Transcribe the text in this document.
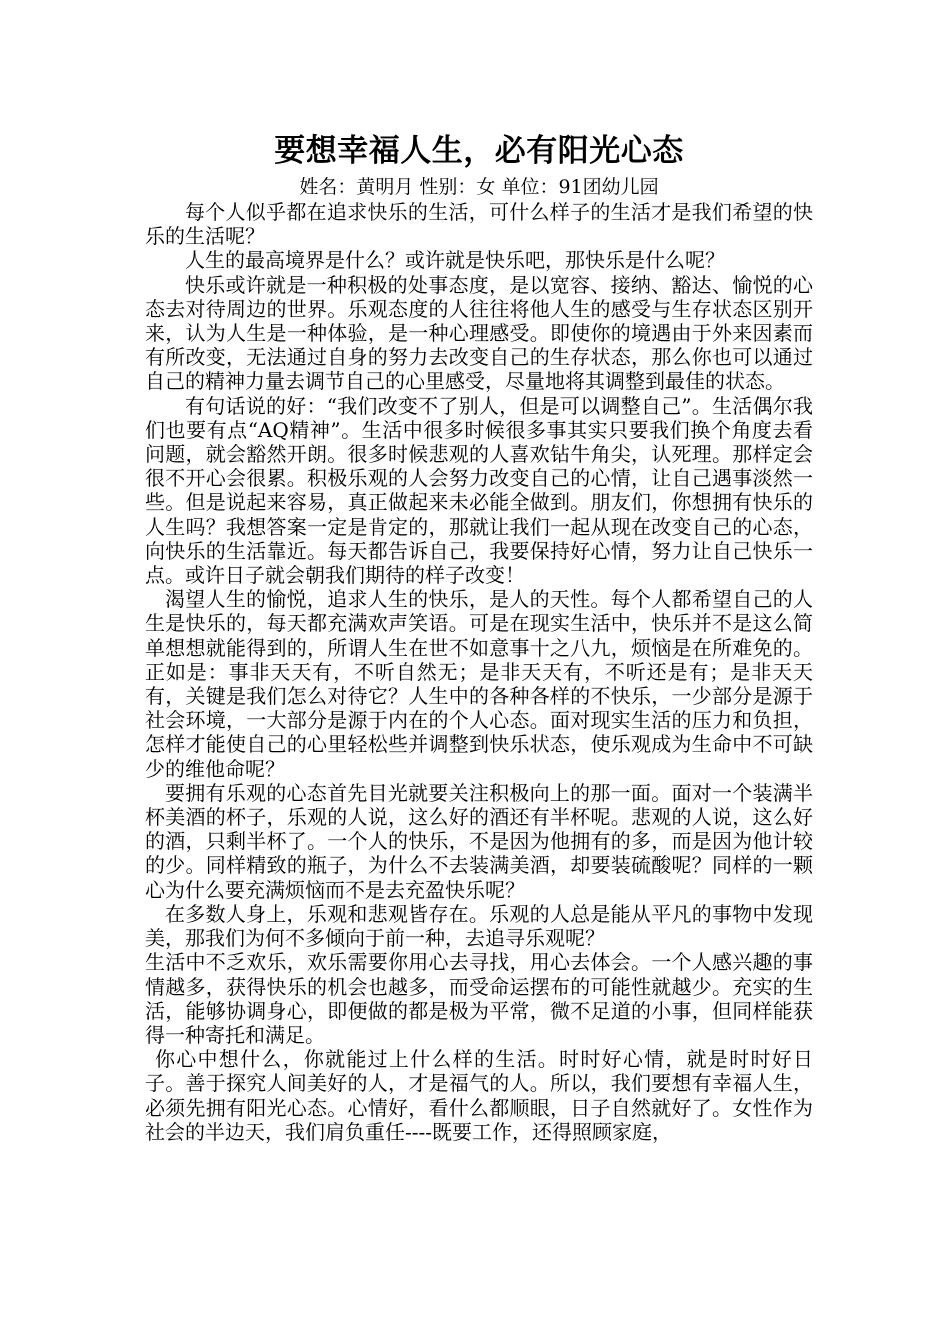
要想幸福人生，必有阳光心态

姓名：黄明月 性别：女 单位：91团幼儿园

每个人似乎都在追求快乐的生活，可什么样子的生活才是我们希望的快乐的生活呢？

人生的最高境界是什么？或许就是快乐吧，那快乐是什么呢？

快乐或许就是一种积极的处事态度，是以宽容、接纳、豁达、愉悦的心态去对待周边的世界。乐观态度的人往往将他人生的感受与生存状态区别开来，认为人生是一种体验，是一种心理感受。即使你的境遇由于外来因素而有所改变，无法通过自身的努力去改变自己的生存状态，那么你也可以通过自己的精神力量去调节自己的心里感受，尽量地将其调整到最佳的状态。

有句话说的好：“我们改变不了别人，但是可以调整自己”。生活偶尔我们也要有点“AQ精神”。生活中很多时候很多事其实只要我们换个角度去看问题，就会豁然开朗。很多时候悲观的人喜欢钻牛角尖，认死理。那样定会很不开心会很累。积极乐观的人会努力改变自己的心情，让自己遇事淡然一些。但是说起来容易，真正做起来未必能全做到。朋友们，你想拥有快乐的人生吗？我想答案一定是肯定的，那就让我们一起从现在改变自己的心态，向快乐的生活靠近。每天都告诉自己，我要保持好心情，努力让自己快乐一点。或许日子就会朝我们期待的样子改变！

渴望人生的愉悦，追求人生的快乐，是人的天性。每个人都希望自己的人生是快乐的，每天都充满欢声笑语。可是在现实生活中，快乐并不是这么简单想想就能得到的，所谓人生在世不如意事十之八九，烦恼是在所难免的。正如是：事非天天有，不听自然无；是非天天有，不听还是有；是非天天有，关键是我们怎么对待它？人生中的各种各样的不快乐，一少部分是源于社会环境，一大部分是源于内在的个人心态。面对现实生活的压力和负担，怎样才能使自己的心里轻松些并调整到快乐状态，使乐观成为生命中不可缺少的维他命呢？

要拥有乐观的心态首先目光就要关注积极向上的那一面。面对一个装满半杯美酒的杯子，乐观的人说，这么好的酒还有半杯呢。悲观的人说，这么好的酒，只剩半杯了。一个人的快乐，不是因为他拥有的多，而是因为他计较的少。同样精致的瓶子，为什么不去装满美酒，却要装硫酸呢？同样的一颗心为什么要充满烦恼而不是去充盈快乐呢？

在多数人身上，乐观和悲观皆存在。乐观的人总是能从平凡的事物中发现美，那我们为何不多倾向于前一种，去追寻乐观呢？

生活中不乏欢乐，欢乐需要你用心去寻找，用心去体会。一个人感兴趣的事情越多，获得快乐的机会也越多，而受命运摆布的可能性就越少。充实的生活，能够协调身心，即便做的都是极为平常，微不足道的小事，但同样能获得一种寄托和满足。

你心中想什么，你就能过上什么样的生活。时时好心情，就是时时好日子。善于探究人间美好的人，才是福气的人。所以，我们要想有幸福人生，必须先拥有阳光心态。心情好，看什么都顺眼，日子自然就好了。女性作为社会的半边天，我们肩负重任----既要工作，还得照顾家庭，
